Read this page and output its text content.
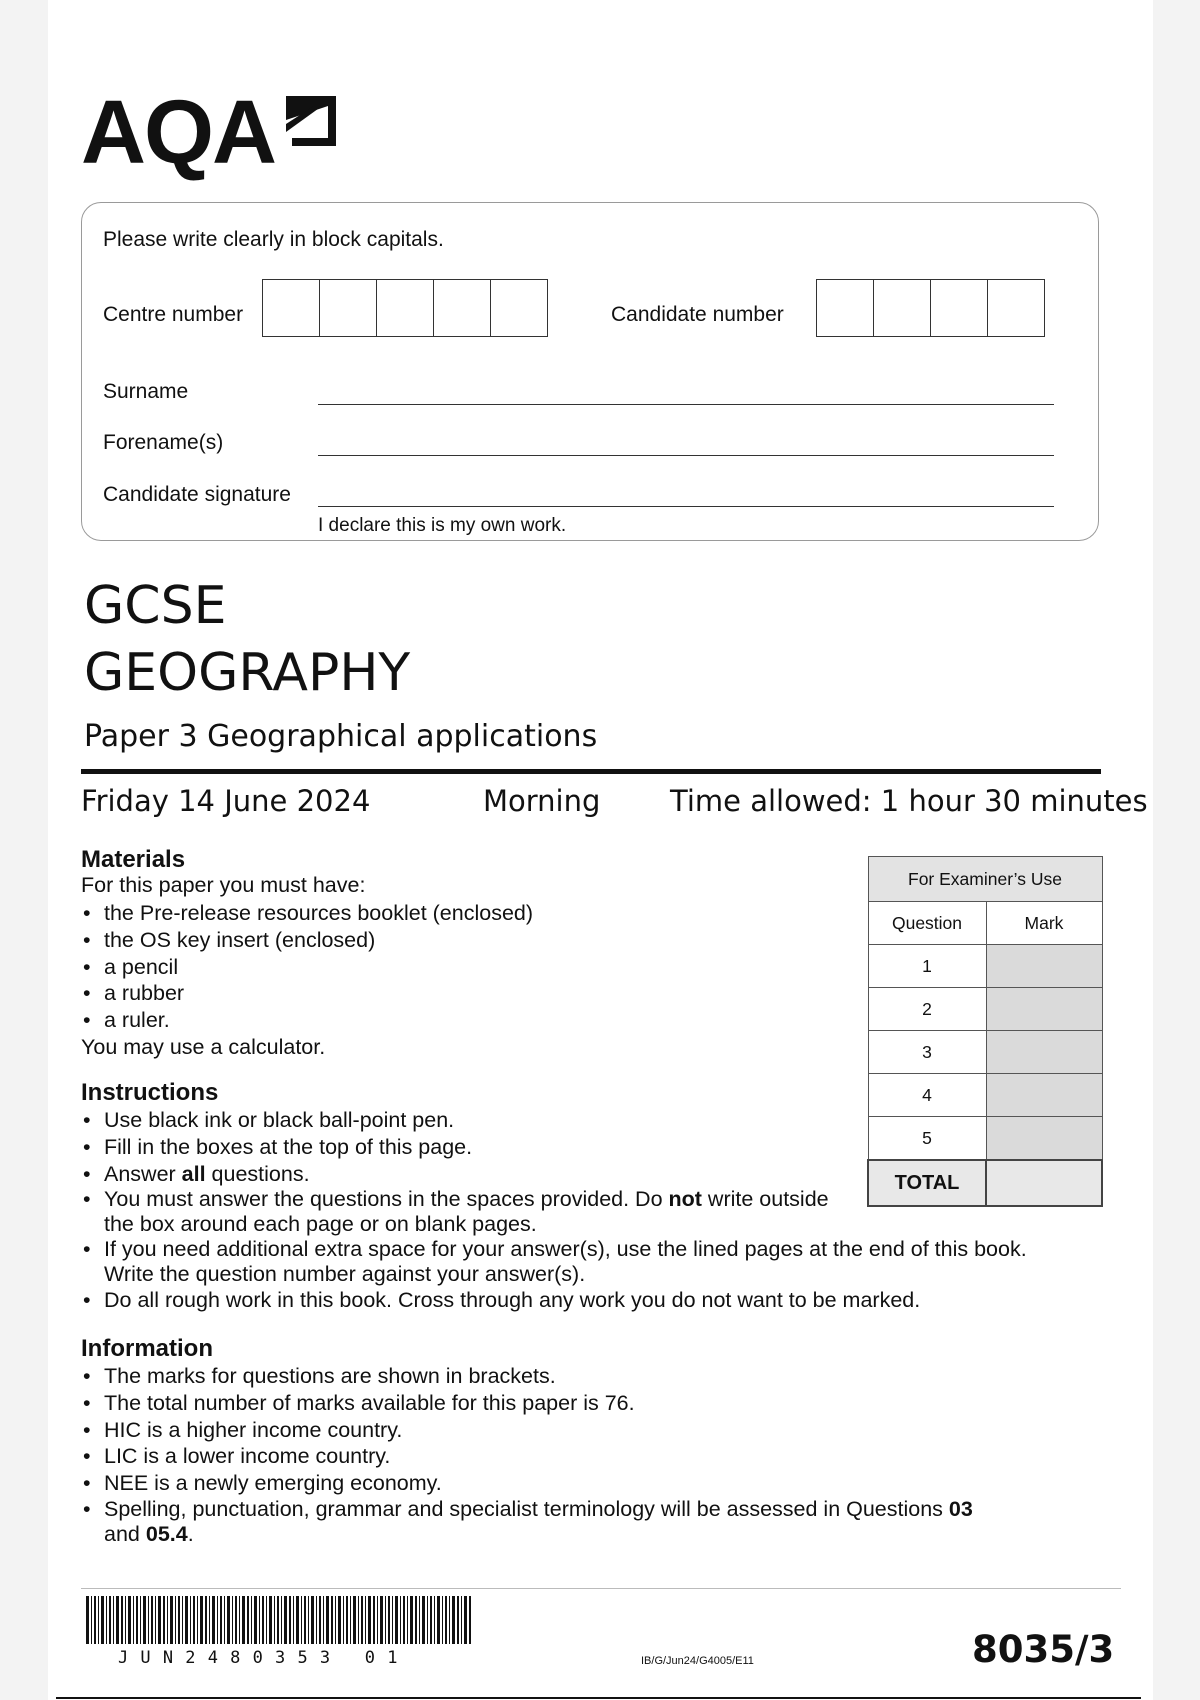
AQA
Please write clearly in block capitals.
Centre number	Candidate number
Surname
Forename(s)
Candidate signature
I declare this is my own work.
GCSE
GEOGRAPHY
Paper 3 Geographical applications
Friday 14 June 2024	Morning Time allowed: 1 hour 30 minutes
Materials
For this paper you must have:
• the Pre-release resources booklet (enclosed)
• the OS key insert (enclosed)
• a pencil
• a rubber
• a ruler.
You may use a calculator.
Instructions
• Use black ink or black ball-point pen.
• Fill in the boxes at the top of this page.
• Answer all questions.
• You must answer the questions in the spaces provided. Do not write outside
the box around each page or on blank pages.
• If you need additional extra space for your answer(s), use the lined pages at the end of this book.
Write the question number against your answer(s).
• Do all rough work in this book. Cross through any work you do not want to be marked.
Information
• The marks for questions are shown in brackets.
• The total number of marks available for this paper is 76.
• HIC is a higher income country.
• LIC is a lower income country.
• NEE is a newly emerging economy.
• Spelling, punctuation, grammar and specialist terminology will be assessed in Questions 03
and 05.4.
For Examiner’s Use	
Question	Mark
1	
2	
3	
4	
5	
TOTAL	
JUN2480353 01	IB/G/Jun24/G4005/E11	8035/3
